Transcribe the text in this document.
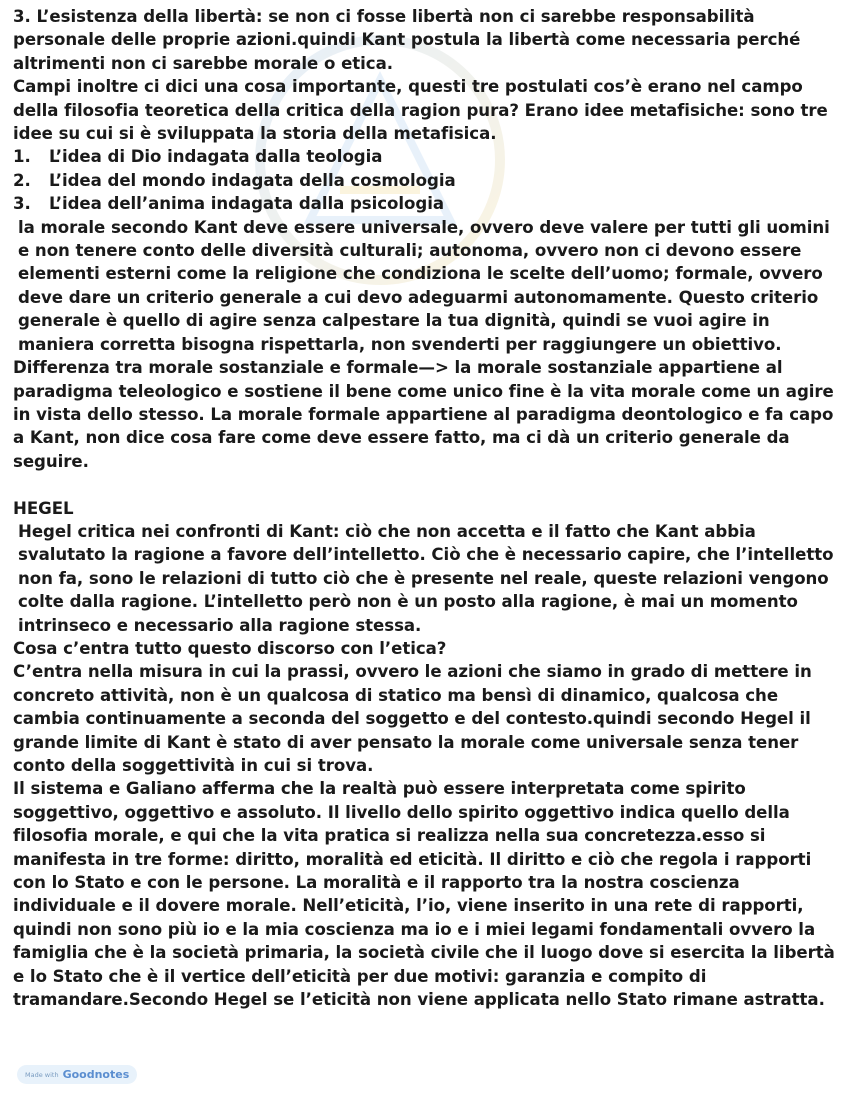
3. L’esistenza della libertà: se non ci fosse libertà non ci sarebbe responsabilità personale delle proprie azioni.quindi Kant postula la libertà come necessaria perché altrimenti non ci sarebbe morale o etica.

Campi inoltre ci dici una cosa importante, questi tre postulati cos’è erano nel campo della filosofia teoretica della critica della ragion pura? Erano idee metafisiche: sono tre idee su cui si è sviluppata la storia della metafisica.

1.	L’idea di Dio indagata dalla teologia
2.	L’idea del mondo indagata della cosmologia
3.	L’idea dell’anima indagata dalla psicologia

la morale secondo Kant deve essere universale, ovvero deve valere per tutti gli uomini e non tenere conto delle diversità culturali; autonoma, ovvero non ci devono essere elementi esterni come la religione che condiziona le scelte dell’uomo; formale, ovvero deve dare un criterio generale a cui devo adeguarmi autonomamente. Questo criterio generale è quello di agire senza calpestare la tua dignità, quindi se vuoi agire in maniera corretta bisogna rispettarla, non svenderti per raggiungere un obiettivo.

Differenza tra morale sostanziale e formale—> la morale sostanziale appartiene al paradigma teleologico e sostiene il bene come unico fine è la vita morale come un agire in vista dello stesso. La morale formale appartiene al paradigma deontologico e fa capo a Kant, non dice cosa fare come deve essere fatto, ma ci dà un criterio generale da seguire.

HEGEL

Hegel critica nei confronti di Kant: ciò che non accetta e il fatto che Kant abbia svalutato la ragione a favore dell’intelletto. Ciò che è necessario capire, che l’intelletto non fa, sono le relazioni di tutto ciò che è presente nel reale, queste relazioni vengono colte dalla ragione. L’intelletto però non è un posto alla ragione, è mai un momento intrinseco e necessario alla ragione stessa.

Cosa c’entra tutto questo discorso con l’etica?

C’entra nella misura in cui la prassi, ovvero le azioni che siamo in grado di mettere in concreto attività, non è un qualcosa di statico ma bensì di dinamico, qualcosa che cambia continuamente a seconda del soggetto e del contesto.quindi secondo Hegel il grande limite di Kant è stato di aver pensato la morale come universale senza tener conto della soggettività in cui si trova.

Il sistema e Galiano afferma che la realtà può essere interpretata come spirito soggettivo, oggettivo e assoluto. Il livello dello spirito oggettivo indica quello della filosofia morale, e qui che la vita pratica si realizza nella sua concretezza.esso si manifesta in tre forme: diritto, moralità ed eticità. Il diritto e ciò che regola i rapporti con lo Stato e con le persone. La moralità e il rapporto tra la nostra coscienza individuale e il dovere morale. Nell’eticità, l’io, viene inserito in una rete di rapporti, quindi non sono più io e la mia coscienza ma io e i miei legami fondamentali ovvero la famiglia che è la società primaria, la società civile che il luogo dove si esercita la libertà e lo Stato che è il vertice dell’eticità per due motivi: garanzia e compito di tramandare.Secondo Hegel se l’eticità non viene applicata nello Stato rimane astratta.

Made with Goodnotes
